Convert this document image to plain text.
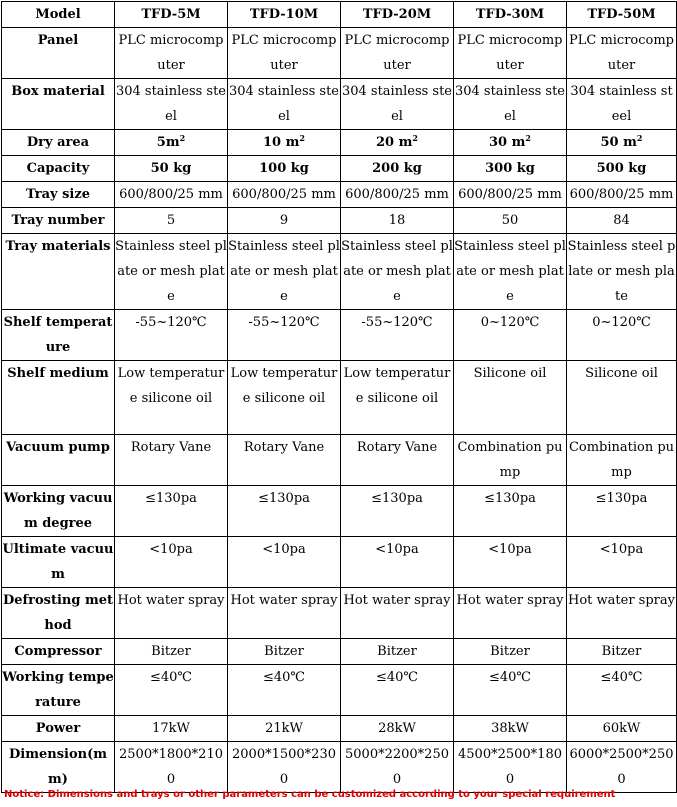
Model	TFD-5M	TFD-10M	TFD-20M	TFD-30M	TFD-50M
Panel	PLC microcomputer	PLC microcomputer	PLC microcomputer	PLC microcomputer	PLC microcomputer
Box material	304 stainless steel	304 stainless steel	304 stainless steel	304 stainless steel	304 stainless steel
Dry area	$5m^2$	10 $m^2$	20 $m^2$	30 $m^2$	50 $m^2$
Capacity	50 kg	100 kg	200 kg	300 kg	500 kg
Tray size	600/800/25 mm	600/800/25 mm	600/800/25 mm	600/800/25 mm	600/800/25 mm
Tray number	5	9	18	50	84
Tray materials	Stainless steel plate or mesh plate	Stainless steel plate or mesh plate	Stainless steel plate or mesh plate	Stainless steel plate or mesh plate	Stainless steel plate or mesh plate
Shelf temperature	-55~120℃	-55~120℃	-55~120℃	0~120℃	0~120℃
Shelf medium	Low temperature silicone oil	Low temperature silicone oil	Low temperature silicone oil	Silicone oil	Silicone oil
Vacuum pump	Rotary Vane	Rotary Vane	Rotary Vane	Combination pump	Combination pump
Working vacuum degree	≤130pa	≤130pa	≤130pa	≤130pa	≤130pa
Ultimate vacuum	<10pa	<10pa	<10pa	<10pa	<10pa
Defrosting method	Hot water spray	Hot water spray	Hot water spray	Hot water spray	Hot water spray
Compressor	Bitzer	Bitzer	Bitzer	Bitzer	Bitzer
Working temperature	≤40℃	≤40℃	≤40℃	≤40℃	≤40℃
Power	17kW	21kW	28kW	38kW	60kW
Dimension(mm)	2500*1800*2100	2000*1500*2300	5000*2200*2500	4500*2500*1800	6000*2500*2500
Notice: Dimensions and trays or other parameters can be customized according to your special requirement
